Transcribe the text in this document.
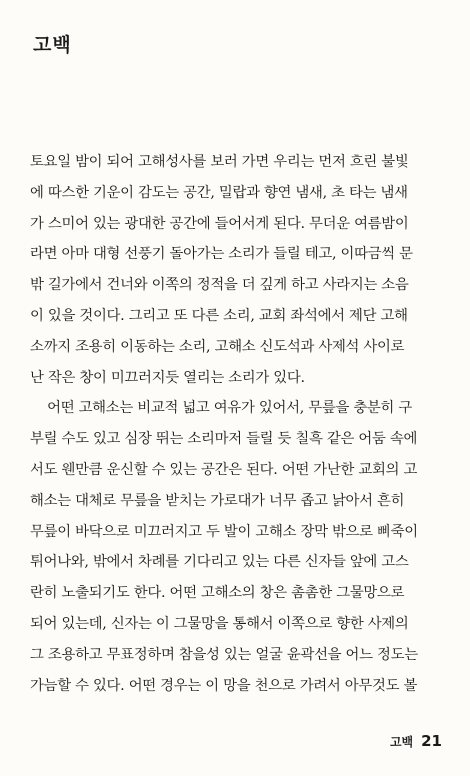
고백
토요일 밤이 되어 고해성사를 보러 가면 우리는 먼저 흐린 불빛
에 따스한 기운이 감도는 공간, 밀랍과 향연 냄새, 초 타는 냄새
가 스미어 있는 광대한 공간에 들어서게 된다. 무더운 여름밤이
라면 아마 대형 선풍기 돌아가는 소리가 들릴 테고, 이따금씩 문
밖 길가에서 건너와 이쪽의 정적을 더 깊게 하고 사라지는 소음
이 있을 것이다. 그리고 또 다른 소리, 교회 좌석에서 제단 고해
소까지 조용히 이동하는 소리, 고해소 신도석과 사제석 사이로
난 작은 창이 미끄러지듯 열리는 소리가 있다.
어떤 고해소는 비교적 넓고 여유가 있어서, 무릎을 충분히 구
부릴 수도 있고 심장 뛰는 소리마저 들릴 듯 칠흑 같은 어둠 속에
서도 웬만큼 운신할 수 있는 공간은 된다. 어떤 가난한 교회의 고
해소는 대체로 무릎을 받치는 가로대가 너무 좁고 낡아서 흔히
무릎이 바닥으로 미끄러지고 두 발이 고해소 장막 밖으로 삐죽이
튀어나와, 밖에서 차례를 기다리고 있는 다른 신자들 앞에 고스
란히 노출되기도 한다. 어떤 고해소의 창은 촘촘한 그물망으로
되어 있는데, 신자는 이 그물망을 통해서 이쪽으로 향한 사제의
그 조용하고 무표정하며 참을성 있는 얼굴 윤곽선을 어느 정도는
가늠할 수 있다. 어떤 경우는 이 망을 천으로 가려서 아무것도 볼
고백 21
